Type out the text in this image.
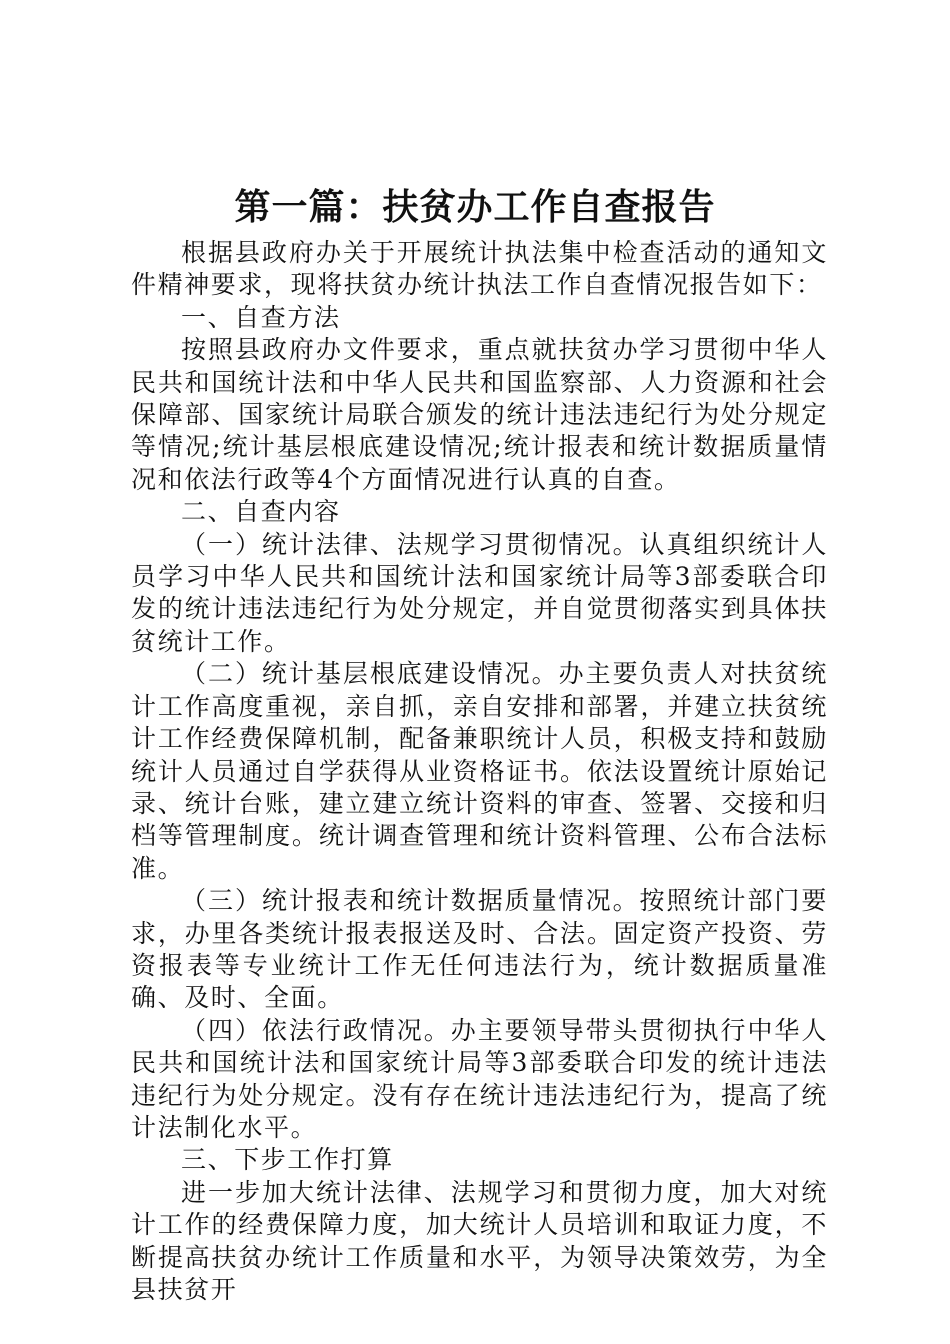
第一篇：扶贫办工作自查报告

根据县政府办关于开展统计执法集中检查活动的通知文件精神要求，现将扶贫办统计执法工作自查情况报告如下：

一、自查方法

按照县政府办文件要求，重点就扶贫办学习贯彻中华人民共和国统计法和中华人民共和国监察部、人力资源和社会保障部、国家统计局联合颁发的统计违法违纪行为处分规定等情况;统计基层根底建设情况;统计报表和统计数据质量情况和依法行政等4个方面情况进行认真的自查。

二、自查内容

（一）统计法律、法规学习贯彻情况。认真组织统计人员学习中华人民共和国统计法和国家统计局等3部委联合印发的统计违法违纪行为处分规定，并自觉贯彻落实到具体扶贫统计工作。

（二）统计基层根底建设情况。办主要负责人对扶贫统计工作高度重视，亲自抓，亲自安排和部署，并建立扶贫统计工作经费保障机制，配备兼职统计人员，积极支持和鼓励统计人员通过自学获得从业资格证书。依法设置统计原始记录、统计台账，建立建立统计资料的审查、签署、交接和归档等管理制度。统计调查管理和统计资料管理、公布合法标准。

（三）统计报表和统计数据质量情况。按照统计部门要求，办里各类统计报表报送及时、合法。固定资产投资、劳资报表等专业统计工作无任何违法行为，统计数据质量准确、及时、全面。

（四）依法行政情况。办主要领导带头贯彻执行中华人民共和国统计法和国家统计局等3部委联合印发的统计违法违纪行为处分规定。没有存在统计违法违纪行为，提高了统计法制化水平。

三、下步工作打算

进一步加大统计法律、法规学习和贯彻力度，加大对统计工作的经费保障力度，加大统计人员培训和取证力度，不断提高扶贫办统计工作质量和水平，为领导决策效劳，为全县扶贫开
